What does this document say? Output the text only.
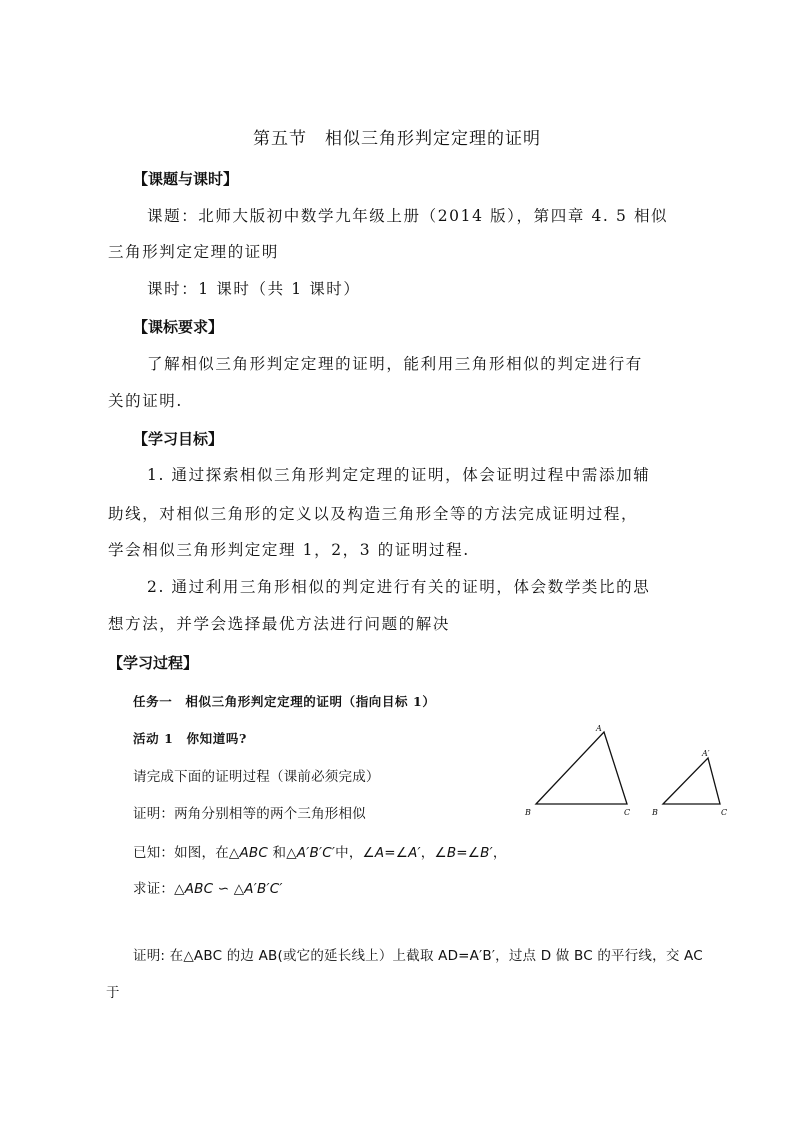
第五节　相似三角形判定定理的证明
【课题与课时】
课题：北师大版初中数学九年级上册（2014 版），第四章 4. 5 相似
三角形判定定理的证明
课时：1 课时（共 1 课时）
【课标要求】
了解相似三角形判定定理的证明，能利用三角形相似的判定进行有
关的证明.
【学习目标】
1. 通过探索相似三角形判定定理的证明，体会证明过程中需添加辅
助线，对相似三角形的定义以及构造三角形全等的方法完成证明过程，
学会相似三角形判定定理 1，2，3 的证明过程.
2. 通过利用三角形相似的判定进行有关的证明，体会数学类比的思
想方法，并学会选择最优方法进行问题的解决
【学习过程】
任务一　相似三角形判定定理的证明（指向目标 1）
活动 1　你知道吗?
请完成下面的证明过程（课前必须完成）
证明：两角分别相等的两个三角形相似
已知：如图，在△ABC 和△A′B′C′中，∠A=∠A′，∠B=∠B′，
求证：△ABC ∽ △A′B′C′
证明: 在△ABC 的边 AB(或它的延长线上）上截取 AD=A′B′，过点 D 做 BC 的平行线，交 AC
于
A
B	C
A′
B	C
